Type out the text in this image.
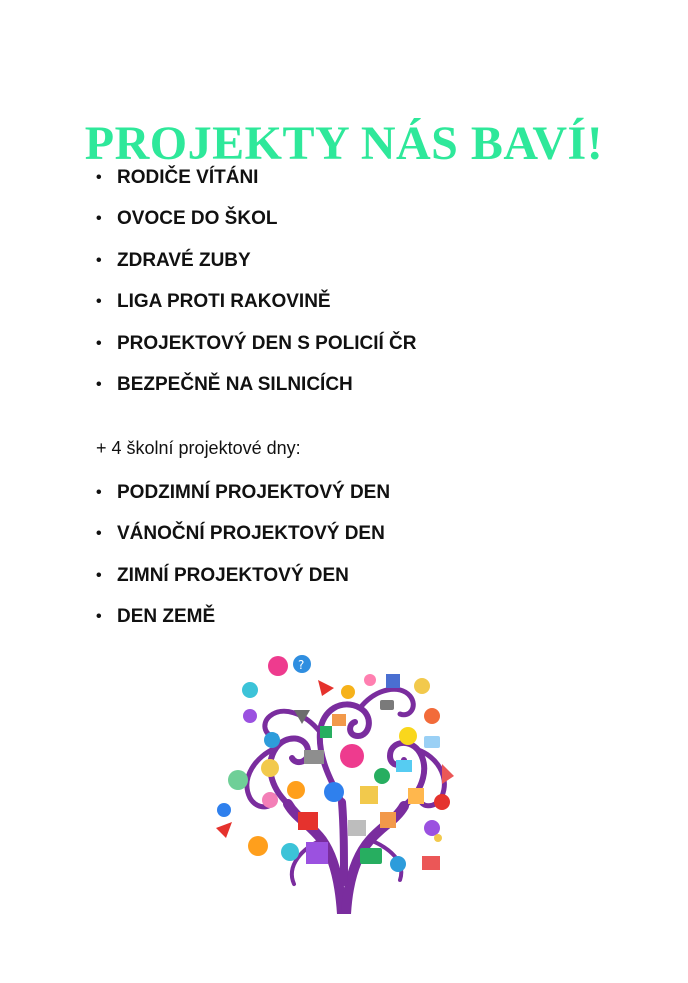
PROJEKTY NÁS BAVÍ!
• RODIČE VÍTÁNI
• OVOCE DO ŠKOL
• ZDRAVÉ ZUBY
• LIGA PROTI RAKOVINĚ
• PROJEKTOVÝ DEN S POLICIÍ ČR
• BEZPEČNĚ NA SILNICÍCH
+ 4 školní projektové dny:
• PODZIMNÍ PROJEKTOVÝ DEN
• VÁNOČNÍ PROJEKTOVÝ DEN
• ZIMNÍ PROJEKTOVÝ DEN
• DEN ZEMĚ
?
